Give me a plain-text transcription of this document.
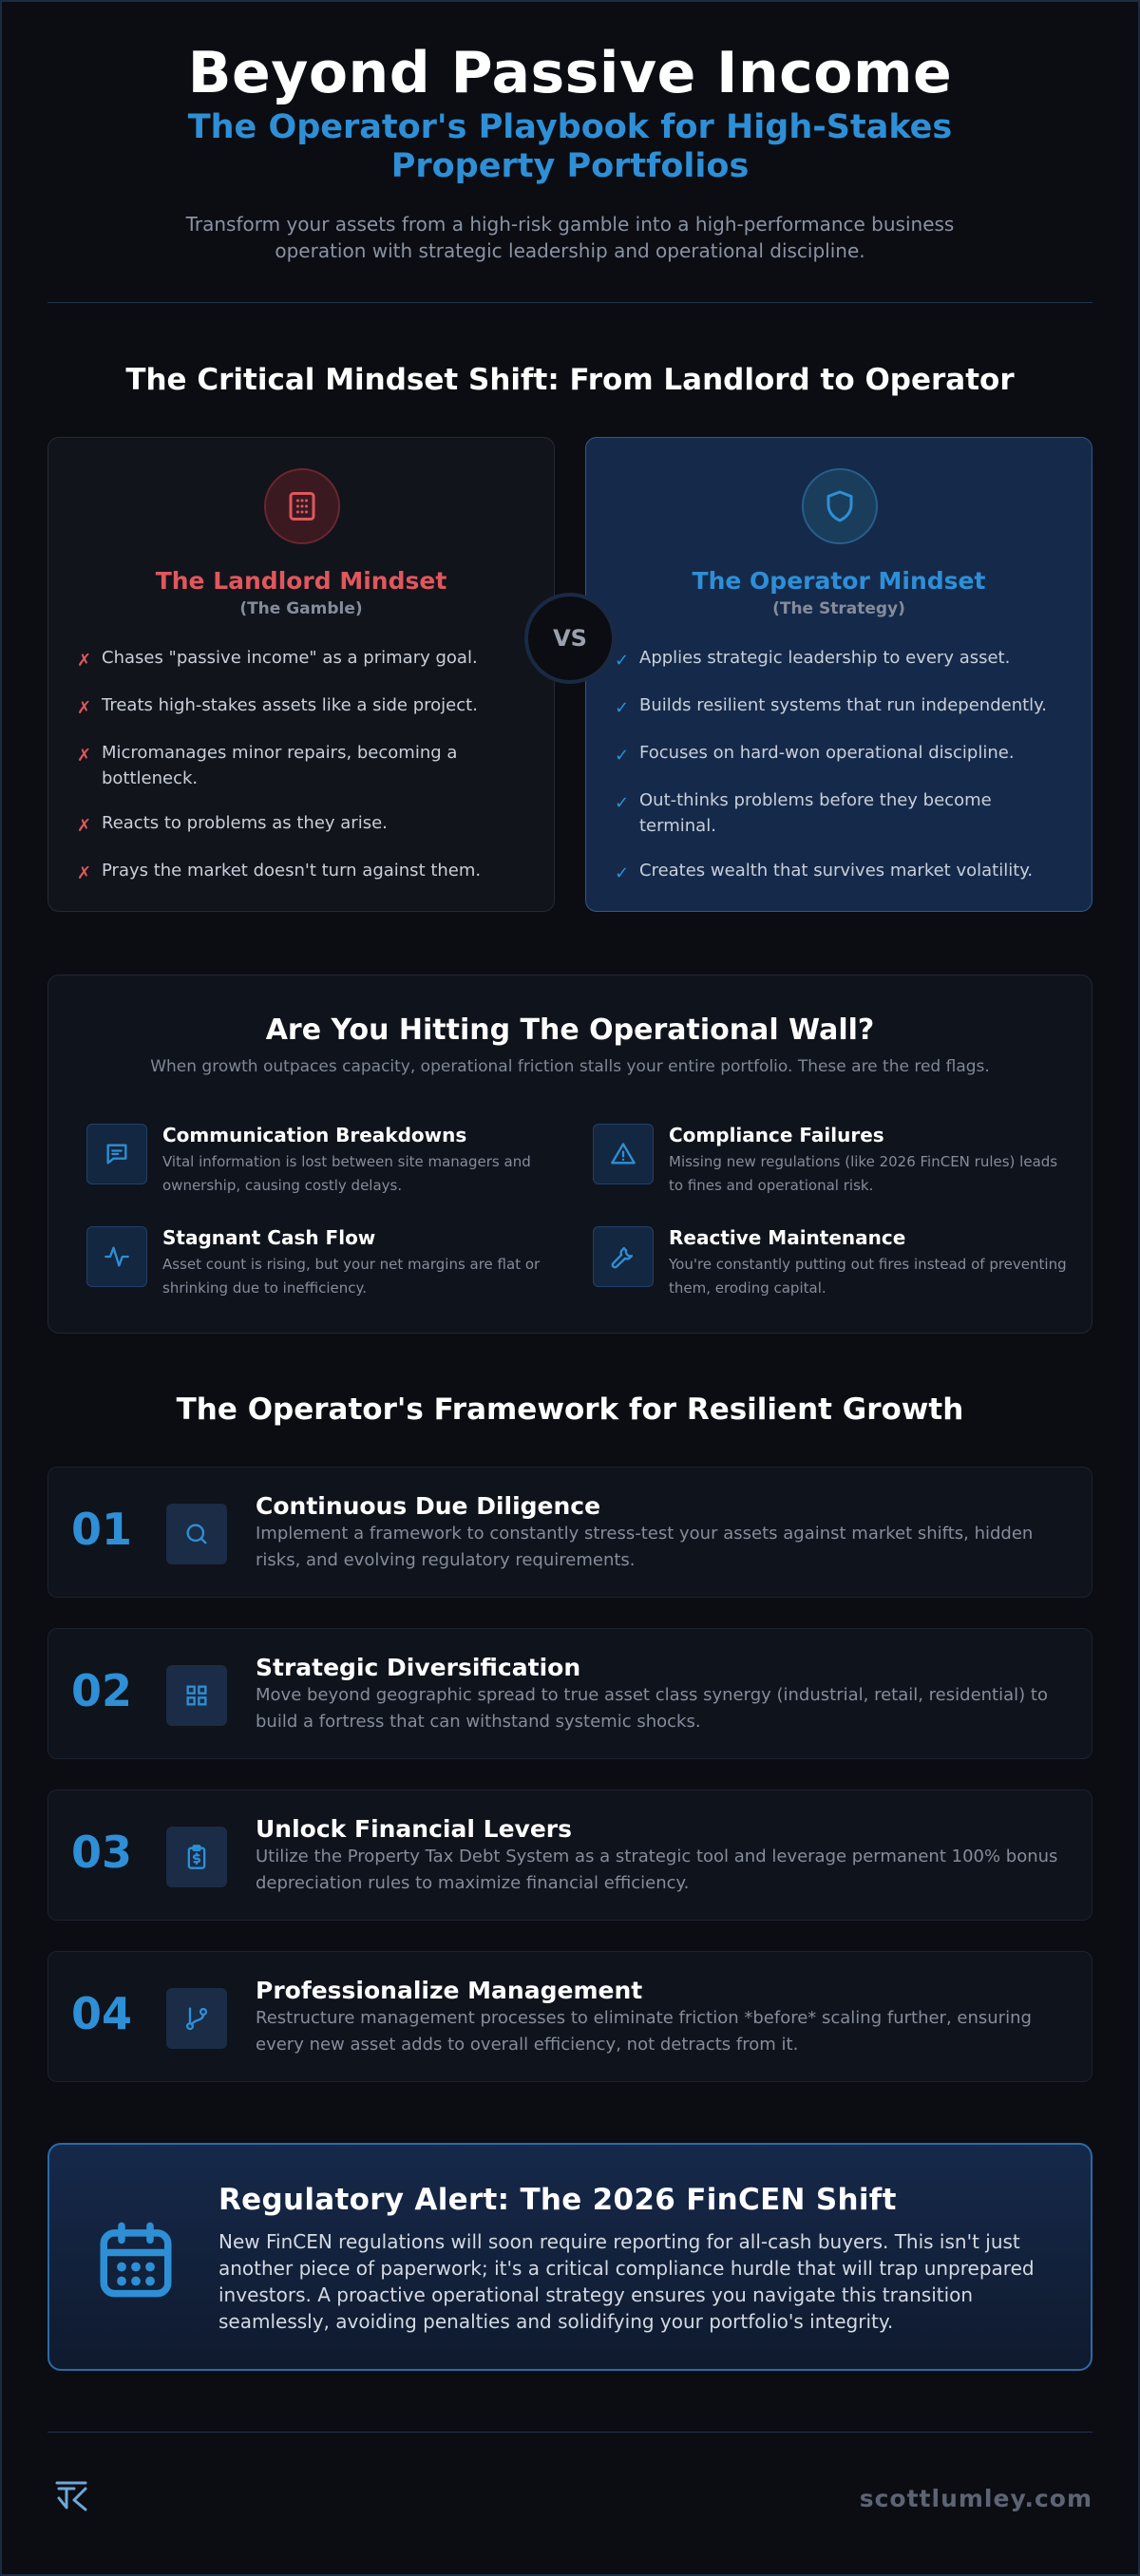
Beyond Passive Income
The Operator's Playbook for High-Stakes Property Portfolios

Transform your assets from a high-risk gamble into a high-performance business operation with strategic leadership and operational discipline.

The Critical Mindset Shift: From Landlord to Operator
The Landlord Mindset
(The Gamble)
✗ Chases "passive income" as a primary goal.
✗ Treats high-stakes assets like a side project.
✗ Micromanages minor repairs, becoming a bottleneck.
✗ Reacts to problems as they arise.
✗ Prays the market doesn't turn against them.
The Operator Mindset
(The Strategy)
✓ Applies strategic leadership to every asset.
✓ Builds resilient systems that run independently.
✓ Focuses on hard-won operational discipline.
✓ Out-thinks problems before they become terminal.
✓ Creates wealth that survives market volatility.
VS
Are You Hitting The Operational Wall?
When growth outpaces capacity, operational friction stalls your entire portfolio. These are the red flags.
Communication Breakdowns
Vital information is lost between site managers and ownership, causing costly delays.
Compliance Failures
Missing new regulations (like 2026 FinCEN rules) leads to fines and operational risk.
Stagnant Cash Flow
Asset count is rising, but your net margins are flat or shrinking due to inefficiency.
Reactive Maintenance
You're constantly putting out fires instead of preventing them, eroding capital.
The Operator's Framework for Resilient Growth
01	Continuous Due Diligence
Implement a framework to constantly stress-test your assets against market shifts, hidden risks, and evolving regulatory requirements.
02	Strategic Diversification
Move beyond geographic spread to true asset class synergy (industrial, retail, residential) to build a fortress that can withstand systemic shocks.
03	Unlock Financial Levers
Utilize the Property Tax Debt System as a strategic tool and leverage permanent 100% bonus depreciation rules to maximize financial efficiency.
04	Professionalize Management
Restructure management processes to eliminate friction *before* scaling further, ensuring every new asset adds to overall efficiency, not detracts from it.
Regulatory Alert: The 2026 FinCEN Shift
New FinCEN regulations will soon require reporting for all-cash buyers. This isn't just another piece of paperwork; it's a critical compliance hurdle that will trap unprepared investors. A proactive operational strategy ensures you navigate this transition seamlessly, avoiding penalties and solidifying your portfolio's integrity.
scottlumley.com
